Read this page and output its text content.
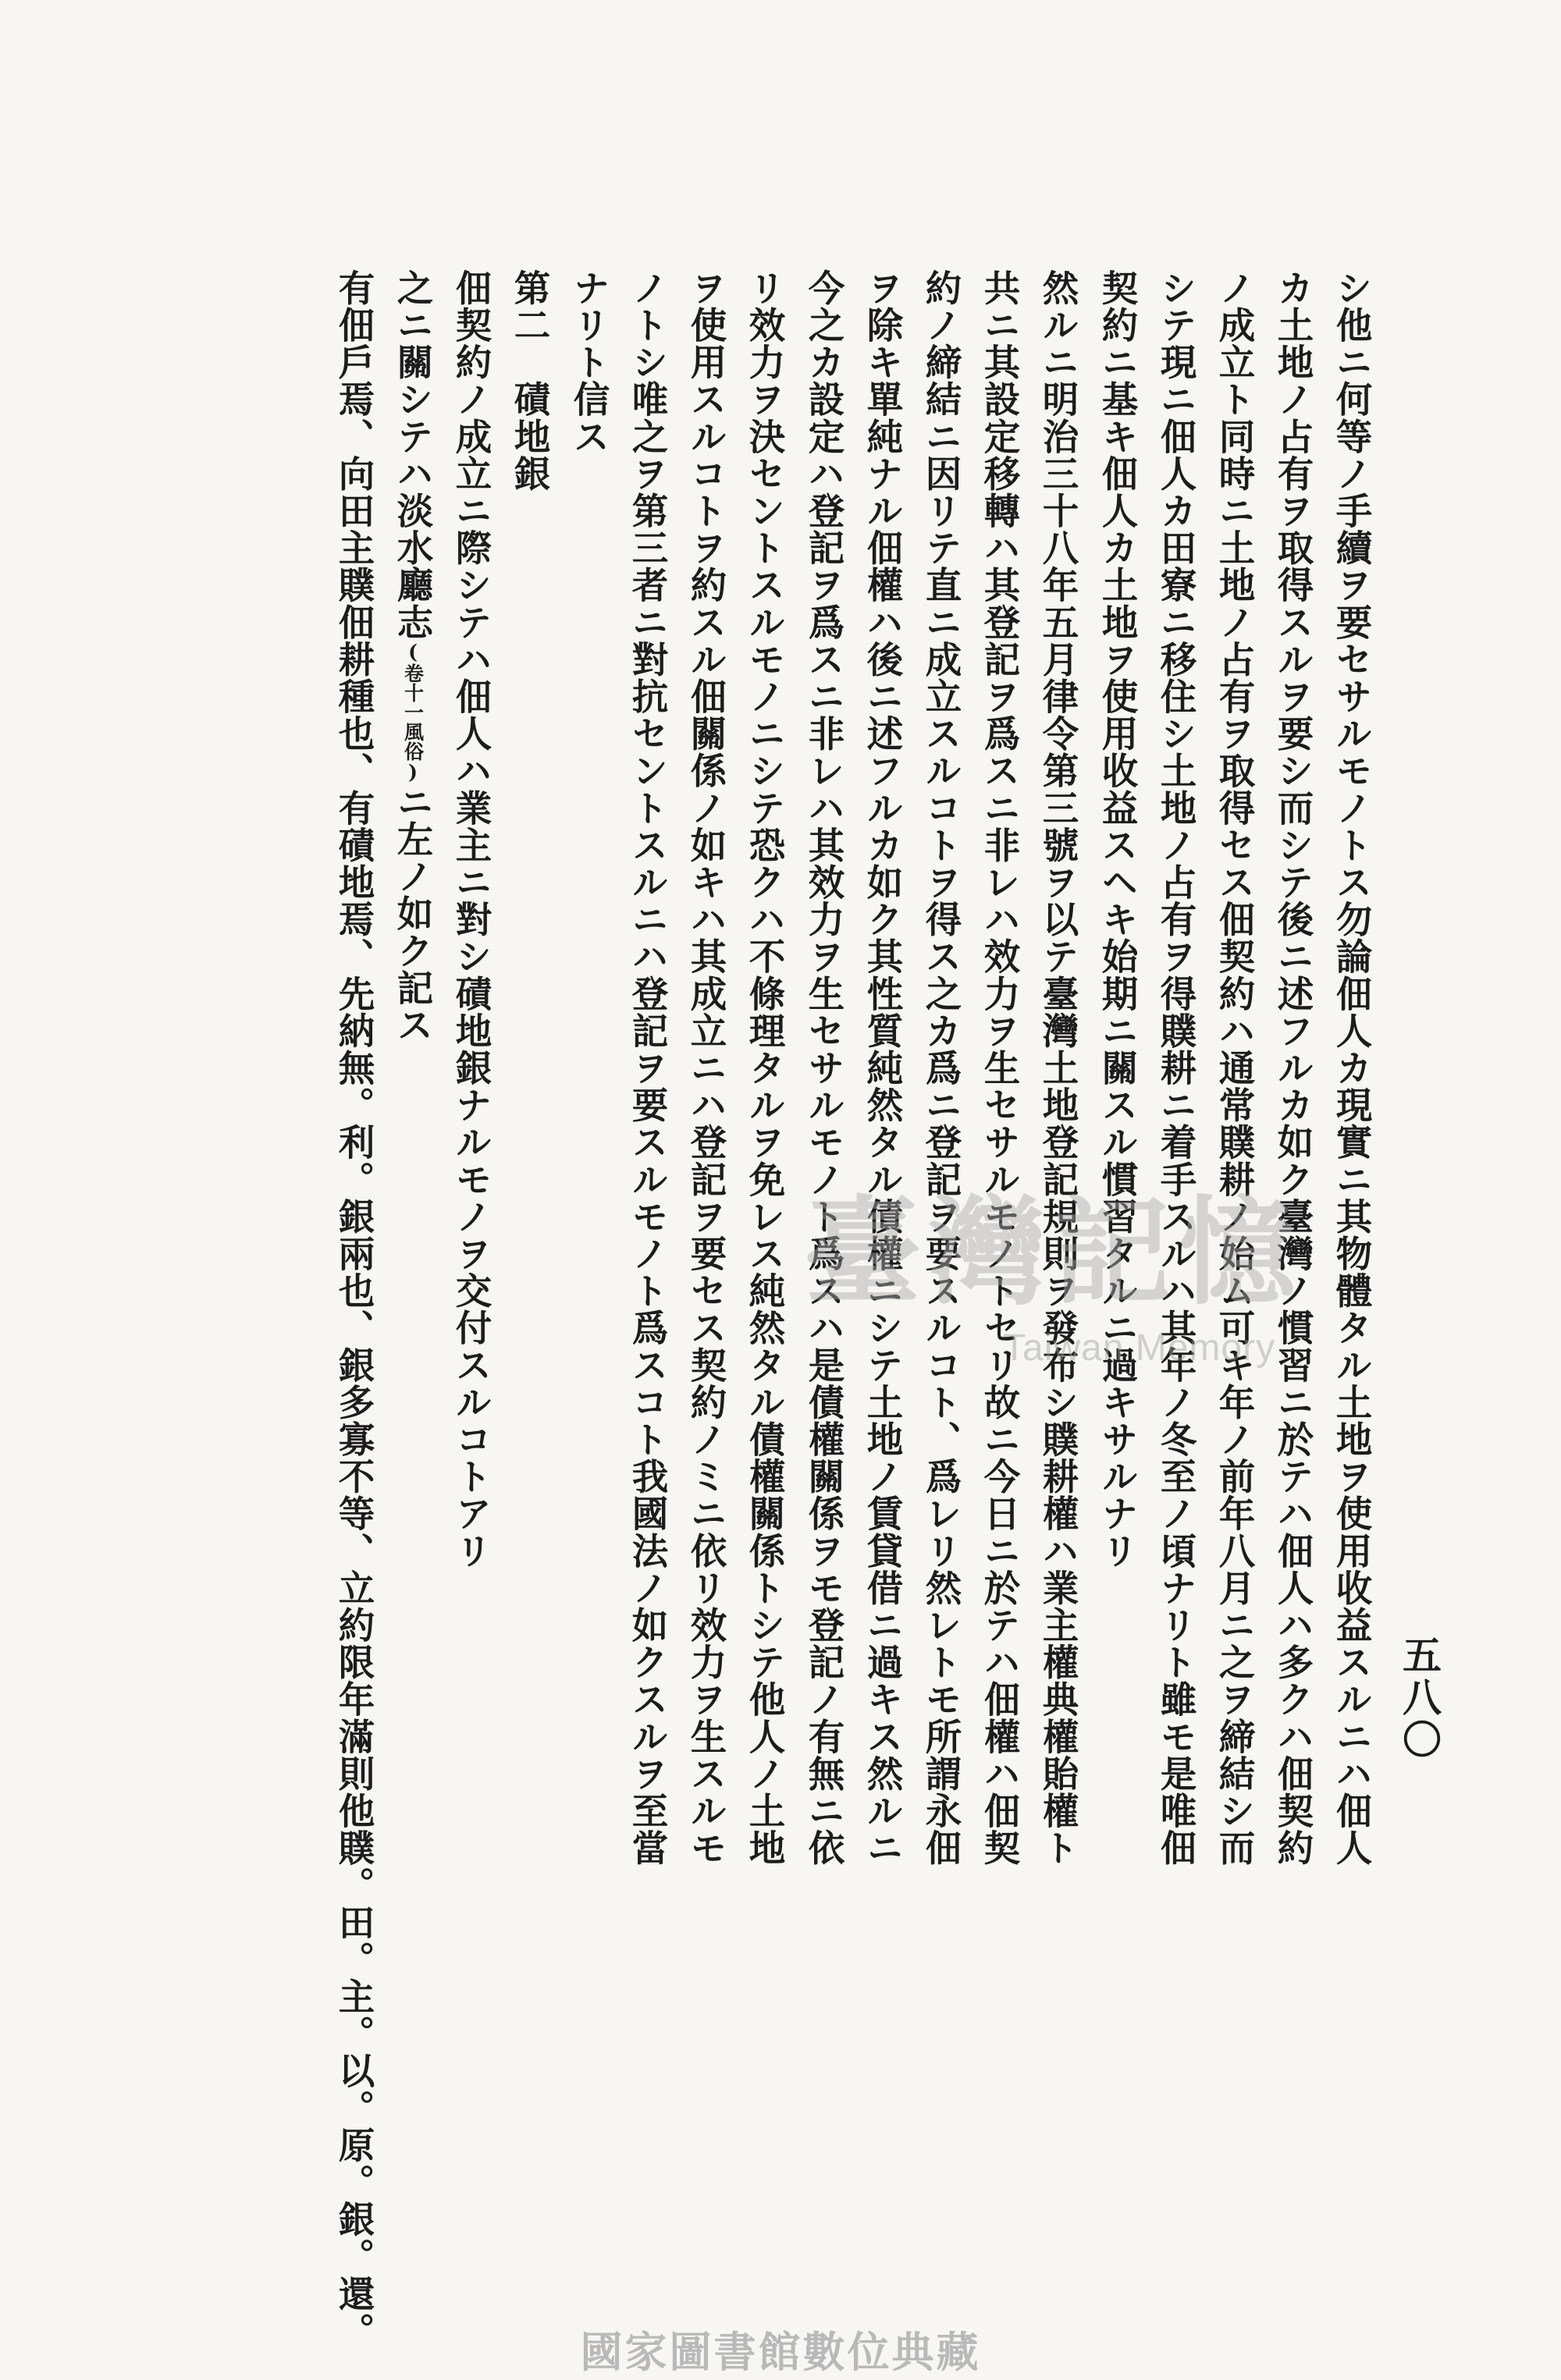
五八〇
シ他ニ何等ノ手續ヲ要セサルモノトス勿論佃人カ現實ニ其物體タル土地ヲ使用收益スルニハ佃人
カ土地ノ占有ヲ取得スルヲ要シ而シテ後ニ述フルカ如ク臺灣ノ慣習ニ於テハ佃人ハ多クハ佃契約
ノ成立ト同時ニ土地ノ占有ヲ取得セス佃契約ハ通常贌耕ノ始ム可キ年ノ前年八月ニ之ヲ締結シ而
シテ現ニ佃人カ田寮ニ移住シ土地ノ占有ヲ得贌耕ニ着手スルハ其年ノ冬至ノ頃ナリト雖モ是唯佃
契約ニ基キ佃人カ土地ヲ使用收益スヘキ始期ニ關スル慣習タルニ過キサルナリ
然ルニ明治三十八年五月律令第三號ヲ以テ臺灣土地登記規則ヲ發布シ贌耕權ハ業主權典權貽權ト
共ニ其設定移轉ハ其登記ヲ爲スニ非レハ效力ヲ生セサルモノトセリ故ニ今日ニ於テハ佃權ハ佃契
約ノ締結ニ因リテ直ニ成立スルコトヲ得ス之カ爲ニ登記ヲ要スルコト、爲レリ然レトモ所謂永佃
ヲ除キ單純ナル佃權ハ後ニ述フルカ如ク其性質純然タル債權ニシテ土地ノ賃貸借ニ過キス然ルニ
今之カ設定ハ登記ヲ爲スニ非レハ其效力ヲ生セサルモノト爲スハ是債權關係ヲモ登記ノ有無ニ依
リ效力ヲ決セントスルモノニシテ恐クハ不條理タルヲ免レス純然タル債權關係トシテ他人ノ土地
ヲ使用スルコトヲ約スル佃關係ノ如キハ其成立ニハ登記ヲ要セス契約ノミニ依リ效力ヲ生スルモ
ノトシ唯之ヲ第三者ニ對抗セントスルニハ登記ヲ要スルモノト爲スコト我國法ノ如クスルヲ至當
ナリト信ス
第二　磧地銀
佃契約ノ成立ニ際シテハ佃人ハ業主ニ對シ磧地銀ナルモノヲ交付スルコトアリ
之ニ關シテハ淡水廳志(卷十一風俗)ニ左ノ如ク記ス
有佃戶焉、向田主贌佃耕種也、有磧地焉、先納無。利。銀兩也、銀多寡不等、立約限年滿則他贌。田。主。以。原。銀。還。	臺灣記憶
Taiwan Memory
國家圖書館數位典藏
